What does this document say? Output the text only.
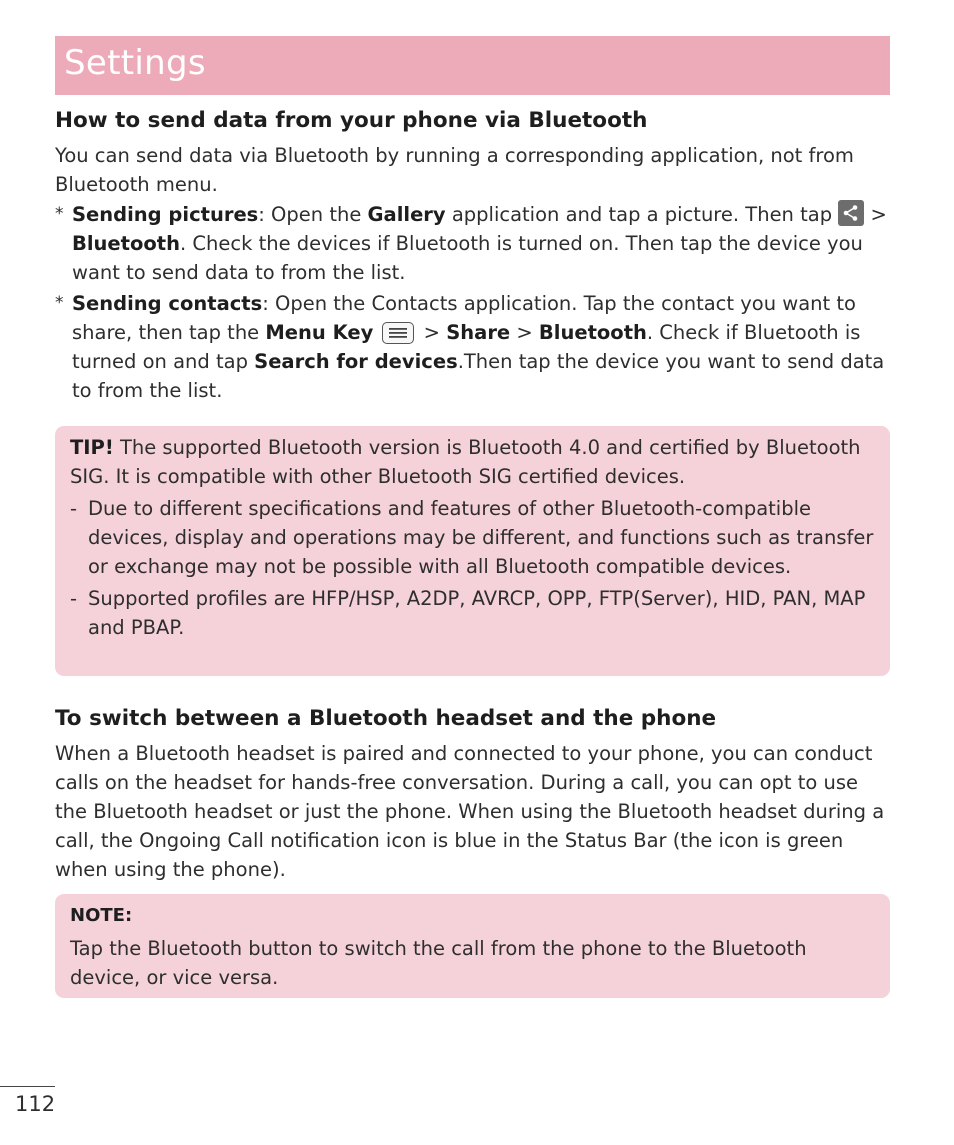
Settings
How to send data from your phone via Bluetooth
You can send data via Bluetooth by running a corresponding application, not from Bluetooth menu.
* Sending pictures: Open the Gallery application and tap a picture. Then tap
> Bluetooth. Check the devices if Bluetooth is turned on. Then tap the device you want to send data to from the list.
* Sending contacts: Open the Contacts application. Tap the contact you want to share, then tap the Menu Key
> Share > Bluetooth. Check if Bluetooth is turned on and tap Search for devices.Then tap the device you want to send data to from the list.
TIP! The supported Bluetooth version is Bluetooth 4.0 and certified by Bluetooth SIG. It is compatible with other Bluetooth SIG certified devices.
- Due to different specifications and features of other Bluetooth-compatible devices, display and operations may be different, and functions such as transfer or exchange may not be possible with all Bluetooth compatible devices.
- Supported profiles are HFP/HSP, A2DP, AVRCP, OPP, FTP(Server), HID, PAN, MAP and PBAP.
To switch between a Bluetooth headset and the phone
When a Bluetooth headset is paired and connected to your phone, you can conduct calls on the headset for hands-free conversation. During a call, you can opt to use the Bluetooth headset or just the phone. When using the Bluetooth headset during a call, the Ongoing Call notification icon is blue in the Status Bar (the icon is green when using the phone).
NOTE:
Tap the Bluetooth button to switch the call from the phone to the Bluetooth device, or vice versa.
112
